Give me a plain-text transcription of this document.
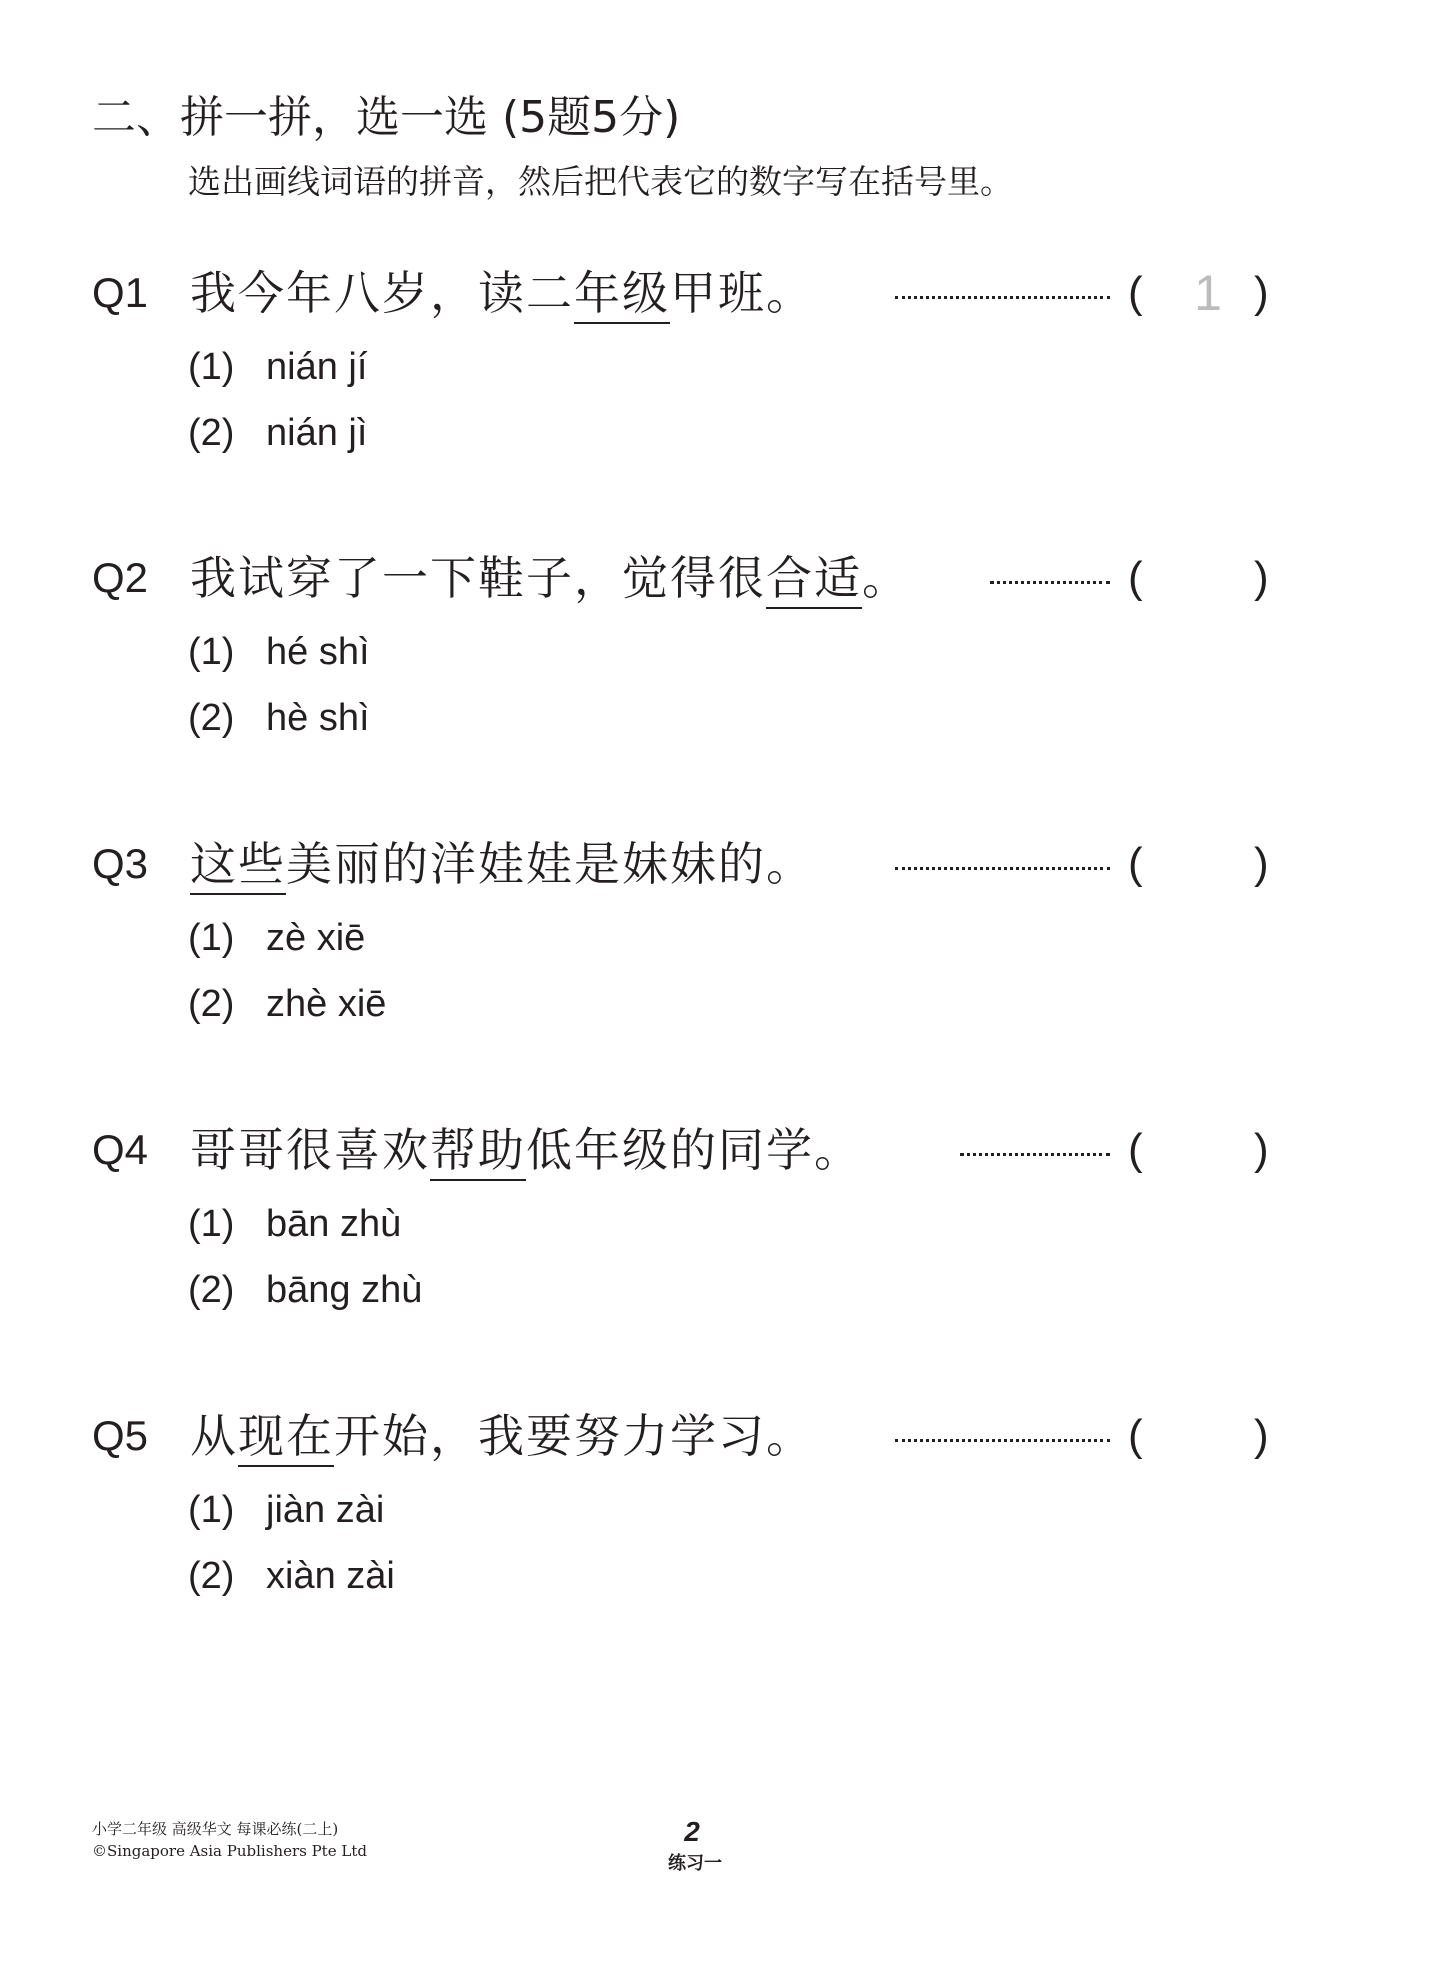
二、拼一拼，选一选 (5题5分)
选出画线词语的拼音，然后把代表它的数字写在括号里。
Q1 我今年八岁，读二年级甲班。	( 1 )
(1) nián jí
(2) nián jì
Q2 我试穿了一下鞋子，觉得很合适。	(	)
(1) hé shì
(2) hè shì
Q3 这些美丽的洋娃娃是妹妹的。	(	)
(1) zè xiē
(2) zhè xiē
Q4 哥哥很喜欢帮助低年级的同学。	(	)
(1) bān zhù
(2) bāng zhù
Q5 从现在开始，我要努力学习。	(	)
(1) jiàn zài
(2) xiàn zài
小学二年级 高级华文 每课必练(二上)
©Singapore Asia Publishers Pte Ltd
2
练习一
